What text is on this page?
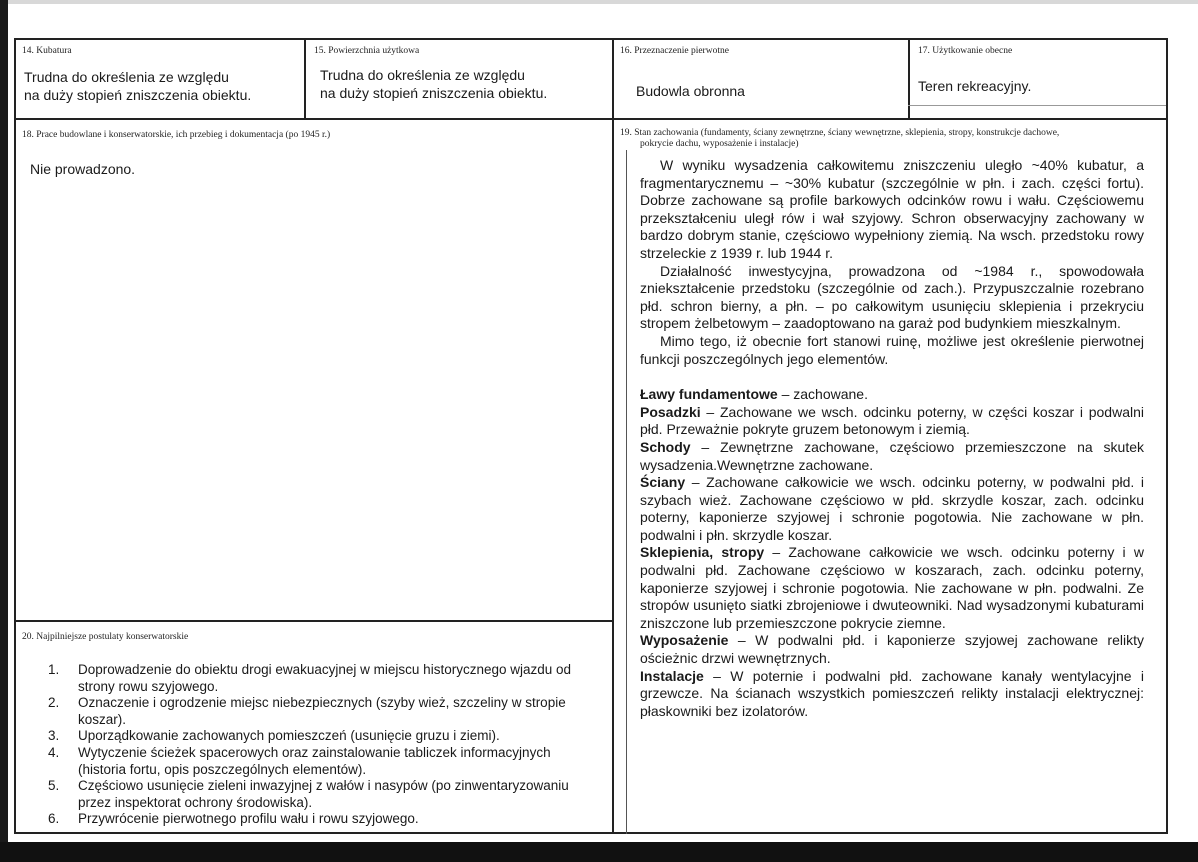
14. Kubatura
Trudna do określenia ze względu
na duży stopień zniszczenia obiektu.
15. Powierzchnia użytkowa
Trudna do określenia ze względu
na duży stopień zniszczenia obiektu.
16. Przeznaczenie pierwotne
Budowla obronna
17. Użytkowanie obecne
Teren rekreacyjny.
18. Prace budowlane i konserwatorskie, ich przebieg i dokumentacja (po 1945 r.)
Nie prowadzono.
19. Stan zachowania (fundamenty, ściany zewnętrzne, ściany wewnętrzne, sklepienia, stropy, konstrukcje dachowe,
pokrycie dachu, wyposażenie i instalacje)

W wyniku wysadzenia całkowitemu zniszczeniu uległo ~40% kubatur, a fragmentarycznemu – ~30% kubatur (szczególnie w płn. i zach. części fortu). Dobrze zachowane są profile barkowych odcinków rowu i wału. Częściowemu przekształceniu uległ rów i wał szyjowy. Schron obserwacyjny zachowany w bardzo dobrym stanie, częściowo wypełniony ziemią. Na wsch. przedstoku rowy strzeleckie z 1939 r. lub 1944 r.

Działalność inwestycyjna, prowadzona od ~1984 r., spowodowała zniekształcenie przedstoku (szczególnie od zach.). Przypuszczalnie rozebrano płd. schron bierny, a płn. – po całkowitym usunięciu sklepienia i przekryciu stropem żelbetowym – zaadoptowano na garaż pod budynkiem mieszkalnym.

Mimo tego, iż obecnie fort stanowi ruinę, możliwe jest określenie pierwotnej funkcji poszczególnych jego elementów.

Ławy fundamentowe – zachowane.

Posadzki – Zachowane we wsch. odcinku poterny, w części koszar i podwalni płd. Przeważnie pokryte gruzem betonowym i ziemią.

Schody – Zewnętrzne zachowane, częściowo przemieszczone na skutek wysadzenia.Wewnętrzne zachowane.

Ściany – Zachowane całkowicie we wsch. odcinku poterny, w podwalni płd. i szybach wież. Zachowane częściowo w płd. skrzydle koszar, zach. odcinku poterny, kaponierze szyjowej i schronie pogotowia. Nie zachowane w płn. podwalni i płn. skrzydle koszar.

Sklepienia, stropy – Zachowane całkowicie we wsch. odcinku poterny i w podwalni płd. Zachowane częściowo w koszarach, zach. odcinku poterny, kaponierze szyjowej i schronie pogotowia. Nie zachowane w płn. podwalni. Ze stropów usunięto siatki zbrojeniowe i dwuteowniki. Nad wysadzonymi kubaturami zniszczone lub przemieszczone pokrycie ziemne.

Wyposażenie – W podwalni płd. i kaponierze szyjowej zachowane relikty ościeżnic drzwi wewnętrznych.

Instalacje – W poternie i podwalni płd. zachowane kanały wentylacyjne i grzewcze. Na ścianach wszystkich pomieszczeń relikty instalacji elektrycznej: płaskowniki bez izolatorów.

20. Najpilniejsze postulaty konserwatorskie
1. Doprowadzenie do obiektu drogi ewakuacyjnej w miejscu historycznego wjazdu od strony rowu szyjowego.
2. Oznaczenie i ogrodzenie miejsc niebezpiecznych (szyby wież, szczeliny w stropie koszar).
3. Uporządkowanie zachowanych pomieszczeń (usunięcie gruzu i ziemi).
4. Wytyczenie ścieżek spacerowych oraz zainstalowanie tabliczek informacyjnych (historia fortu, opis poszczególnych elementów).
5. Częściowo usunięcie zieleni inwazyjnej z wałów i nasypów (po zinwentaryzowaniu przez inspektorat ochrony środowiska).
6. Przywrócenie pierwotnego profilu wału i rowu szyjowego.
